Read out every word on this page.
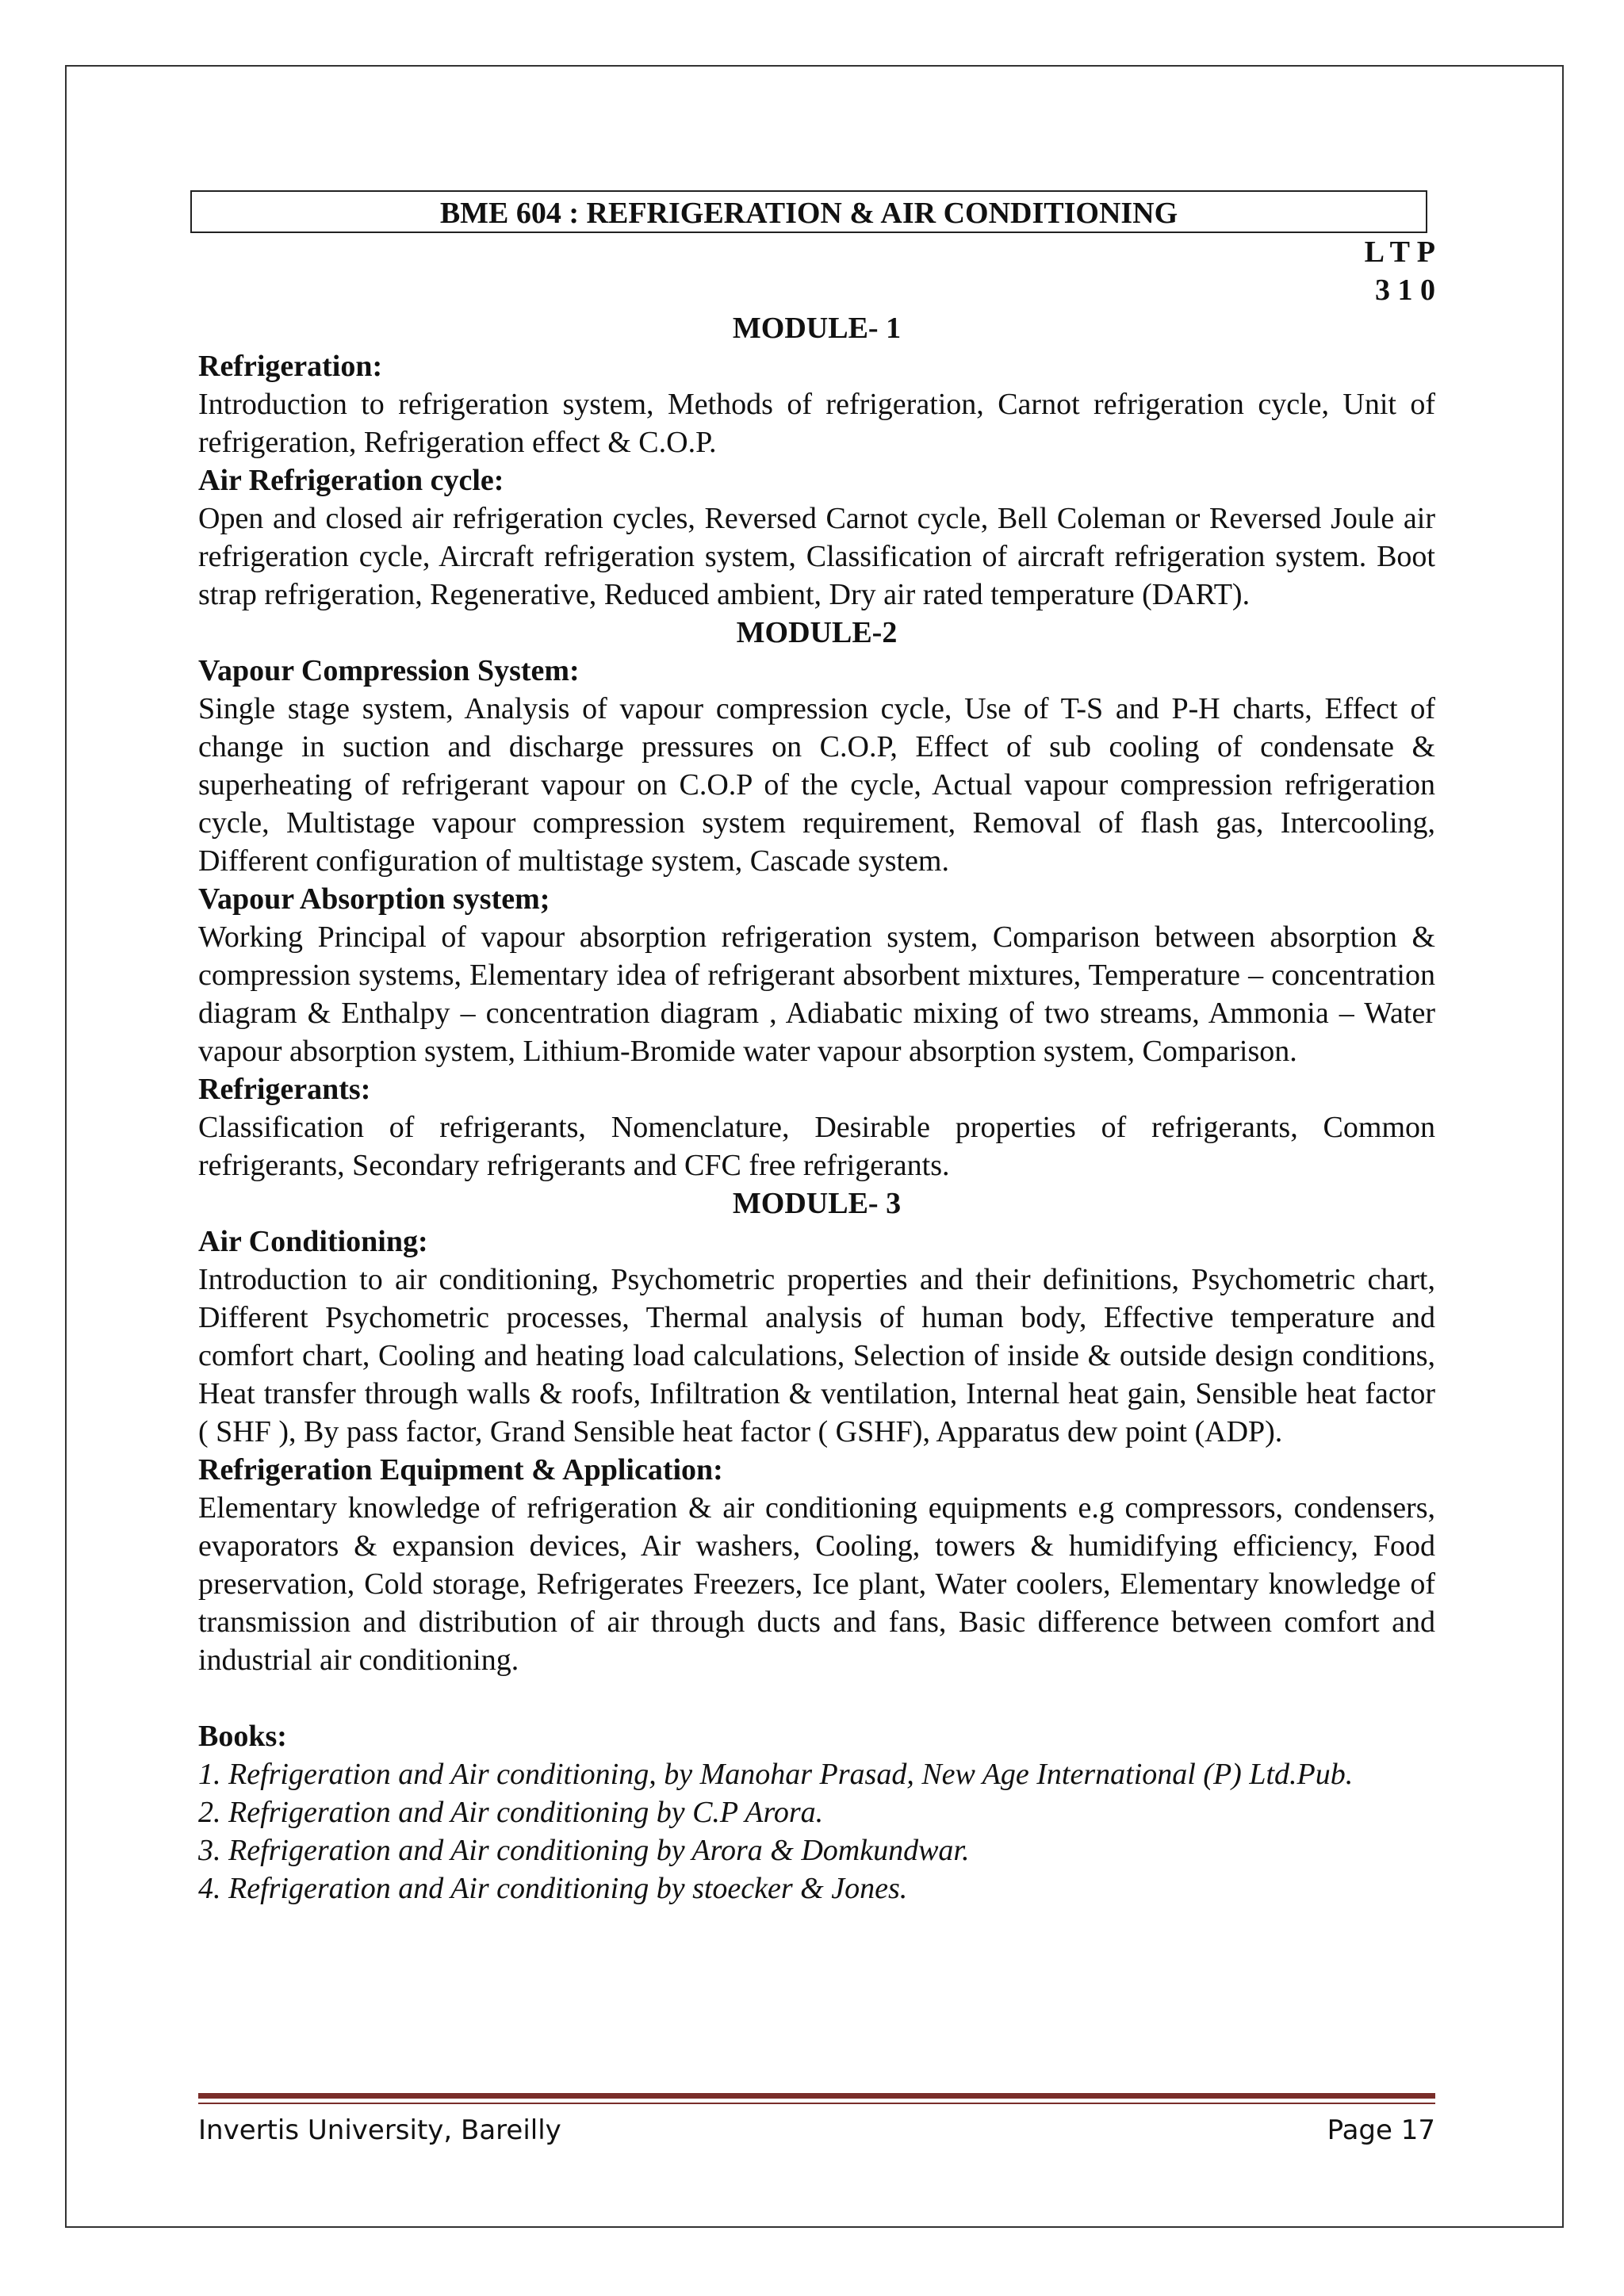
BME 604 : REFRIGERATION & AIR CONDITIONING
L T P
3 1 0
MODULE- 1
Refrigeration:
Introduction to refrigeration system, Methods of refrigeration, Carnot refrigeration cycle, Unit of refrigeration, Refrigeration effect & C.O.P.
Air Refrigeration cycle:
Open and closed air refrigeration cycles, Reversed Carnot cycle, Bell Coleman or Reversed Joule air refrigeration cycle, Aircraft refrigeration system, Classification of aircraft refrigeration system. Boot strap refrigeration, Regenerative, Reduced ambient, Dry air rated temperature (DART).
MODULE-2
Vapour Compression System:
Single stage system, Analysis of vapour compression cycle, Use of T-S and P-H charts, Effect of change in suction and discharge pressures on C.O.P, Effect of sub cooling of condensate & superheating of refrigerant vapour on C.O.P of the cycle, Actual vapour compression refrigeration cycle, Multistage vapour compression system requirement, Removal of flash gas, Intercooling, Different configuration of multistage system, Cascade system.
Vapour Absorption system;
Working Principal of vapour absorption refrigeration system, Comparison between absorption & compression systems, Elementary idea of refrigerant absorbent mixtures, Temperature – concentration diagram & Enthalpy – concentration diagram , Adiabatic mixing of two streams, Ammonia – Water vapour absorption system, Lithium-Bromide water vapour absorption system, Comparison.
Refrigerants:
Classification of refrigerants, Nomenclature, Desirable properties of refrigerants, Common refrigerants, Secondary refrigerants and CFC free refrigerants.
MODULE- 3
Air Conditioning:
Introduction to air conditioning, Psychometric properties and their definitions, Psychometric chart, Different Psychometric processes, Thermal analysis of human body, Effective temperature and comfort chart, Cooling and heating load calculations, Selection of inside & outside design conditions, Heat transfer through walls & roofs, Infiltration & ventilation, Internal heat gain, Sensible heat factor ( SHF ), By pass factor, Grand Sensible heat factor ( GSHF), Apparatus dew point (ADP).
Refrigeration Equipment & Application:
Elementary knowledge of refrigeration & air conditioning equipments e.g compressors, condensers, evaporators & expansion devices, Air washers, Cooling, towers & humidifying efficiency, Food preservation, Cold storage, Refrigerates Freezers, Ice plant, Water coolers, Elementary knowledge of transmission and distribution of air through ducts and fans, Basic difference between comfort and industrial air conditioning.
Books:
1. Refrigeration and Air conditioning, by Manohar Prasad, New Age International (P) Ltd.Pub.
2. Refrigeration and Air conditioning by C.P Arora.
3. Refrigeration and Air conditioning by Arora & Domkundwar.
4. Refrigeration and Air conditioning by stoecker & Jones.
Invertis University, Bareilly	Page 17
